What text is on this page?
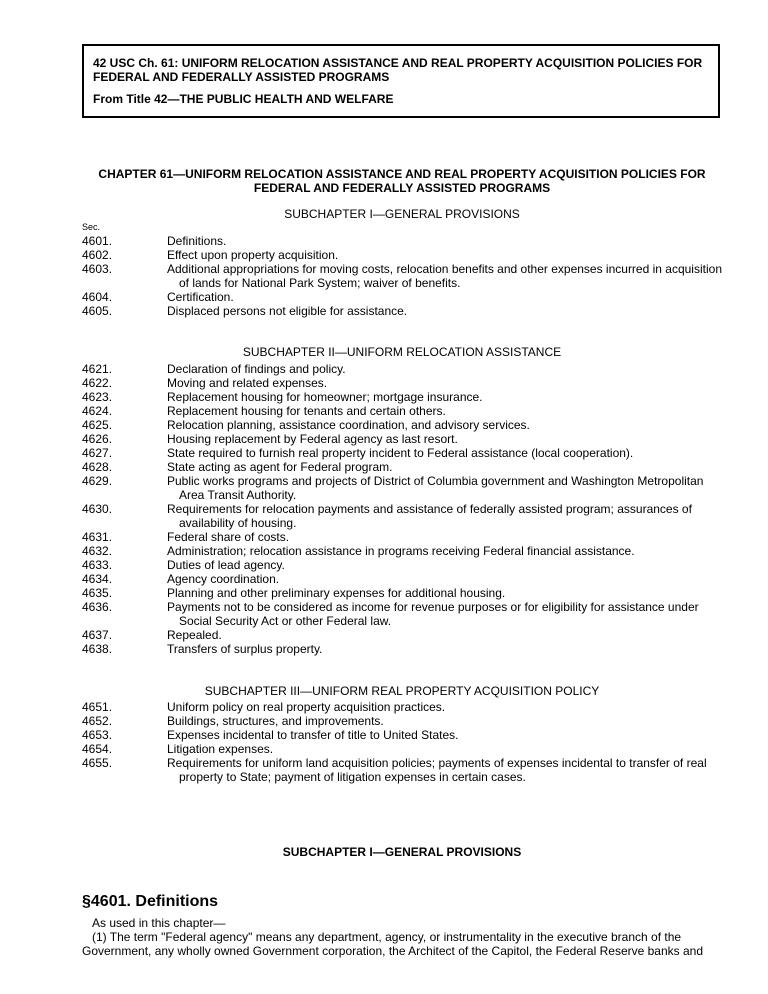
42 USC Ch. 61: UNIFORM RELOCATION ASSISTANCE AND REAL PROPERTY ACQUISITION POLICIES FOR FEDERAL AND FEDERALLY ASSISTED PROGRAMS
From Title 42—THE PUBLIC HEALTH AND WELFARE
CHAPTER 61—UNIFORM RELOCATION ASSISTANCE AND REAL PROPERTY ACQUISITION POLICIES FOR FEDERAL AND FEDERALLY ASSISTED PROGRAMS
SUBCHAPTER I—GENERAL PROVISIONS
Sec.
4601.	Definitions.
4602.	Effect upon property acquisition.
4603.	Additional appropriations for moving costs, relocation benefits and other expenses incurred in acquisition of lands for National Park System; waiver of benefits.
4604.	Certification.
4605.	Displaced persons not eligible for assistance.
SUBCHAPTER II—UNIFORM RELOCATION ASSISTANCE
4621.	Declaration of findings and policy.
4622.	Moving and related expenses.
4623.	Replacement housing for homeowner; mortgage insurance.
4624.	Replacement housing for tenants and certain others.
4625.	Relocation planning, assistance coordination, and advisory services.
4626.	Housing replacement by Federal agency as last resort.
4627.	State required to furnish real property incident to Federal assistance (local cooperation).
4628.	State acting as agent for Federal program.
4629.	Public works programs and projects of District of Columbia government and Washington Metropolitan Area Transit Authority.
4630.	Requirements for relocation payments and assistance of federally assisted program; assurances of availability of housing.
4631.	Federal share of costs.
4632.	Administration; relocation assistance in programs receiving Federal financial assistance.
4633.	Duties of lead agency.
4634.	Agency coordination.
4635.	Planning and other preliminary expenses for additional housing.
4636.	Payments not to be considered as income for revenue purposes or for eligibility for assistance under Social Security Act or other Federal law.
4637.	Repealed.
4638.	Transfers of surplus property.
SUBCHAPTER III—UNIFORM REAL PROPERTY ACQUISITION POLICY
4651.	Uniform policy on real property acquisition practices.
4652.	Buildings, structures, and improvements.
4653.	Expenses incidental to transfer of title to United States.
4654.	Litigation expenses.
4655.	Requirements for uniform land acquisition policies; payments of expenses incidental to transfer of real property to State; payment of litigation expenses in certain cases.
SUBCHAPTER I—GENERAL PROVISIONS
§4601. Definitions

As used in this chapter—

(1) The term "Federal agency" means any department, agency, or instrumentality in the executive branch of the Government, any wholly owned Government corporation, the Architect of the Capitol, the Federal Reserve banks and
